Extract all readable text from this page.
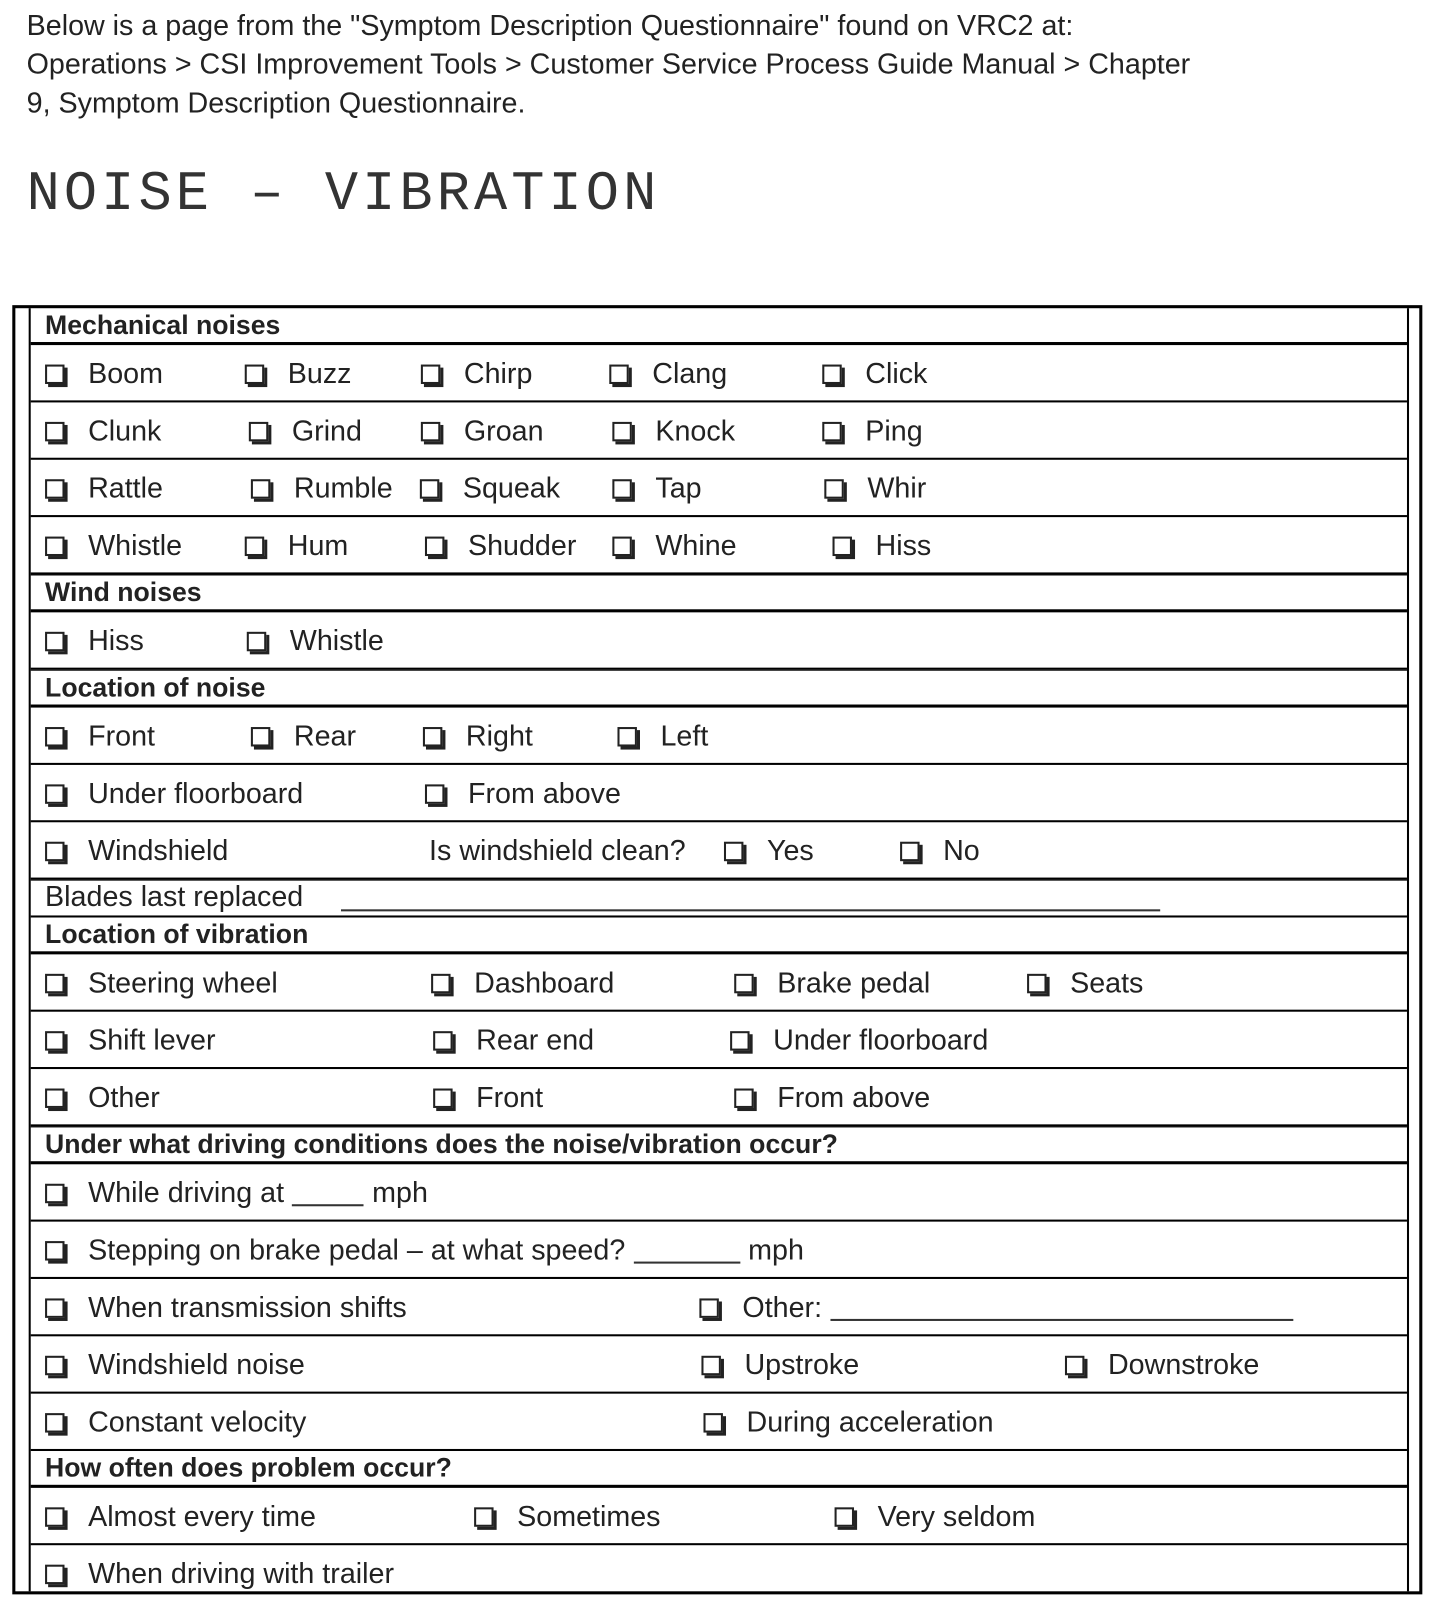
Below is a page from the "Symptom Description Questionnaire" found on VRC2 at:
Operations > CSI Improvement Tools > Customer Service Process Guide Manual > Chapter
9, Symptom Description Questionnaire.
NOISE – VIBRATION
Mechanical noises
Boom	Buzz	Chirp	Clang	Click
Clunk	Grind	Groan	Knock	Ping
Rattle	Rumble	Squeak	Tap	Whir
Whistle	Hum	Shudder	Whine	Hiss
Wind noises
Hiss	Whistle
Location of noise
Front	Rear	Right	Left
Under floorboard	From above
Windshield	Is windshield clean?	Yes	No
Blades last replaced
Location of vibration
Steering wheel	Dashboard	Brake pedal	Seats
Shift lever	Rear end	Under floorboard
Other	Front	From above
Under what driving conditions does the noise/vibration occur?
While driving at	mph
Stepping on brake pedal – at what speed?	mph
When transmission shifts	Other:
Windshield noise	Upstroke	Downstroke
Constant velocity	During acceleration
How often does problem occur?
Almost every time	Sometimes	Very seldom
When driving with trailer
